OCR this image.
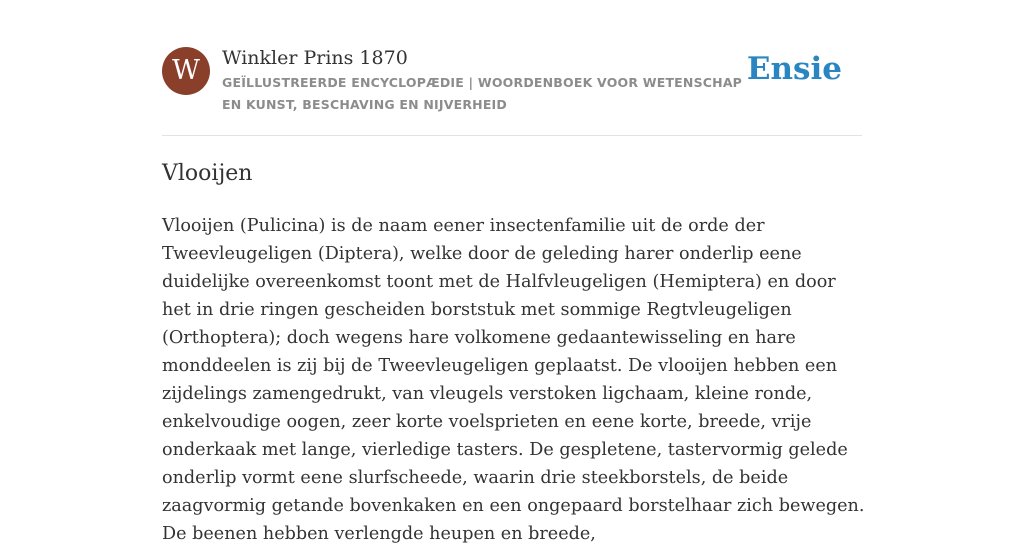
W	Winkler Prins 1870
GEÏLLUSTREERDE ENCYCLOPÆDIE | WOORDENBOEK VOOR WETENSCHAP EN KUNST, BESCHAVING EN NIJVERHEID
Ensie
Vlooijen

Vlooijen (Pulicina) is de naam eener insectenfamilie uit de orde der Tweevleugeligen (Diptera), welke door de geleding harer onderlip eene duidelijke overeenkomst toont met de Halfvleugeligen (Hemiptera) en door het in drie ringen gescheiden borststuk met sommige Regtvleugeligen (Orthoptera); doch wegens hare volkomene gedaantewisseling en hare monddeelen is zij bij de Tweevleugeligen geplaatst. De vlooijen hebben een zijdelings zamengedrukt, van vleugels verstoken ligchaam, kleine ronde, enkelvoudige oogen, zeer korte voelsprieten en eene korte, breede, vrije onderkaak met lange, vierledige tasters. De gespletene, tastervormig gelede onderlip vormt eene slurfscheede, waarin drie steekborstels, de beide zaagvormig getande bovenkaken en een ongepaard borstelhaar zich bewegen. De beenen hebben verlengde heupen en breede,
